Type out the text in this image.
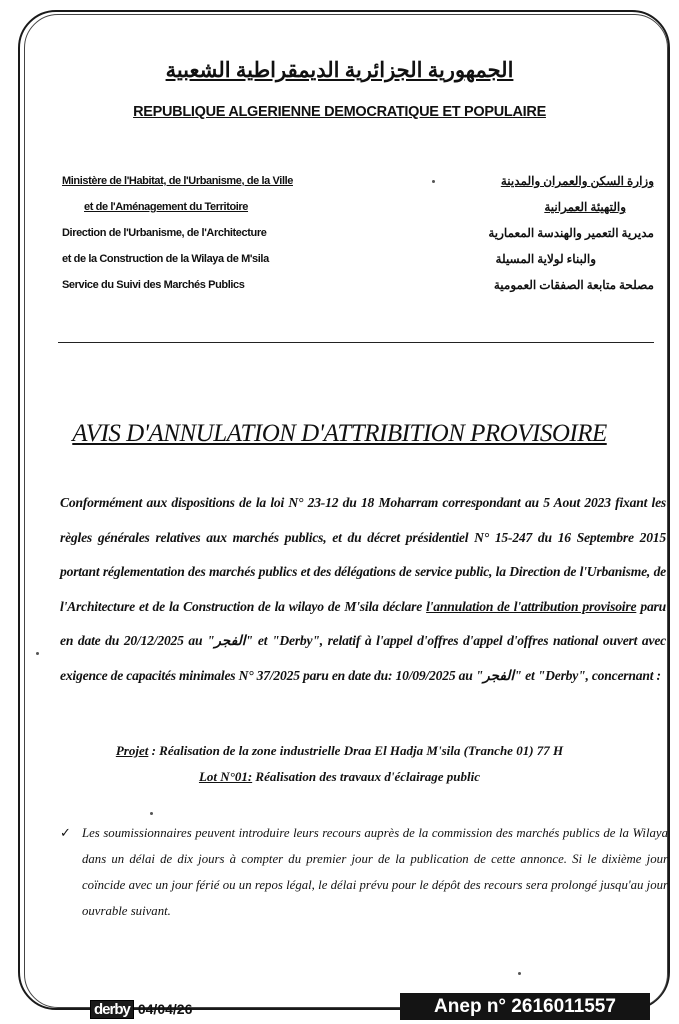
الجمهورية الجزائرية الديمقراطية الشعبية
REPUBLIQUE ALGERIENNE DEMOCRATIQUE ET POPULAIRE
Ministère de l'Habitat, de l'Urbanisme, de la Ville
et de l'Aménagement du Territoire
Direction de l'Urbanisme, de l'Architecture
et de la Construction de la Wilaya de M'sila
Service du Suivi des Marchés Publics
وزارة السكن والعمران والمدينة
والتهيئة العمرانية
مديرية التعمير والهندسة المعمارية
والبناء لولاية المسيلة
مصلحة متابعة الصفقات العمومية
AVIS D'ANNULATION D'ATTRIBITION PROVISOIRE
Conformément aux dispositions de la loi N° 23-12 du 18 Moharram correspondant au 5 Aout 2023 fixant les règles générales relatives aux marchés publics, et du décret présidentiel N° 15-247 du 16 Septembre 2015 portant réglementation des marchés publics et des délégations de service public, la Direction de l'Urbanisme, de l'Architecture et de la Construction de la wilayo de M'sila déclare l'annulation de l'attribution provisoire paru en date du 20/12/2025 au "الفجر" et "Derby", relatif à l'appel d'offres d'appel d'offres national ouvert avec exigence de capacités minimales N° 37/2025 paru en date du: 10/09/2025 au "الفجر" et "Derby", concernant :
Projet : Réalisation de la zone industrielle Draa El Hadja M'sila (Tranche 01) 77 H
Lot N°01: Réalisation des travaux d'éclairage public
✓ Les soumissionnaires peuvent introduire leurs recours auprès de la commission des marchés publics de la Wilaya dans un délai de dix jours à compter du premier jour de la publication de cette annonce. Si le dixième jour coïncide avec un jour férié ou un repos légal, le délai prévu pour le dépôt des recours sera prolongé jusqu'au jour ouvrable suivant.
derby 04/04/26	Anep n° 2616011557
